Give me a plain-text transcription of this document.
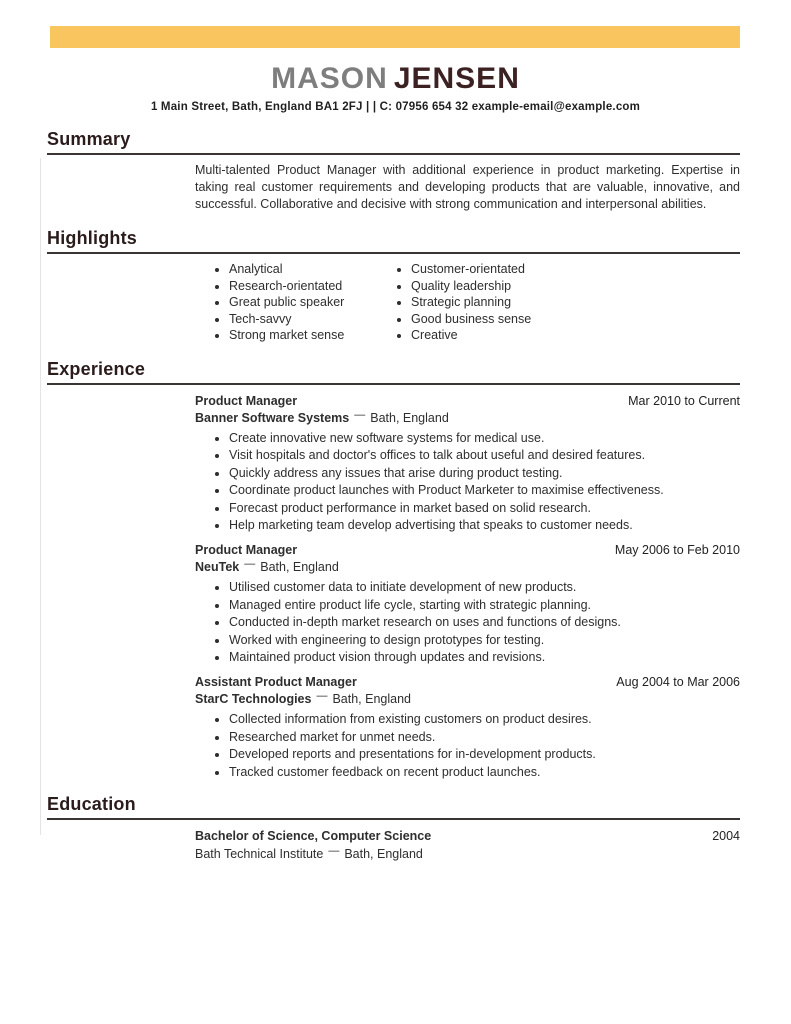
MASON JENSEN
1 Main Street, Bath, England BA1 2FJ | | C: 07956 654 32 example-email@example.com
Summary

Multi-talented Product Manager with additional experience in product marketing. Expertise in taking real customer requirements and developing products that are valuable, innovative, and successful. Collaborative and decisive with strong communication and interpersonal abilities.

Highlights
• Analytical
• Research-orientated
• Great public speaker
• Tech-savvy
• Strong market sense
• Customer-orientated
• Quality leadership
• Strategic planning
• Good business sense
• Creative
Experience
Product Manager	Mar 2010 to Current
Banner Software Systems — Bath, England
• Create innovative new software systems for medical use.
• Visit hospitals and doctor's offices to talk about useful and desired features.
• Quickly address any issues that arise during product testing.
• Coordinate product launches with Product Marketer to maximise effectiveness.
• Forecast product performance in market based on solid research.
• Help marketing team develop advertising that speaks to customer needs.
Product Manager	May 2006 to Feb 2010
NeuTek — Bath, England
• Utilised customer data to initiate development of new products.
• Managed entire product life cycle, starting with strategic planning.
• Conducted in-depth market research on uses and functions of designs.
• Worked with engineering to design prototypes for testing.
• Maintained product vision through updates and revisions.
Assistant Product Manager	Aug 2004 to Mar 2006
StarC Technologies — Bath, England
• Collected information from existing customers on product desires.
• Researched market for unmet needs.
• Developed reports and presentations for in-development products.
• Tracked customer feedback on recent product launches.
Education
Bachelor of Science, Computer Science	2004
Bath Technical Institute — Bath, England
